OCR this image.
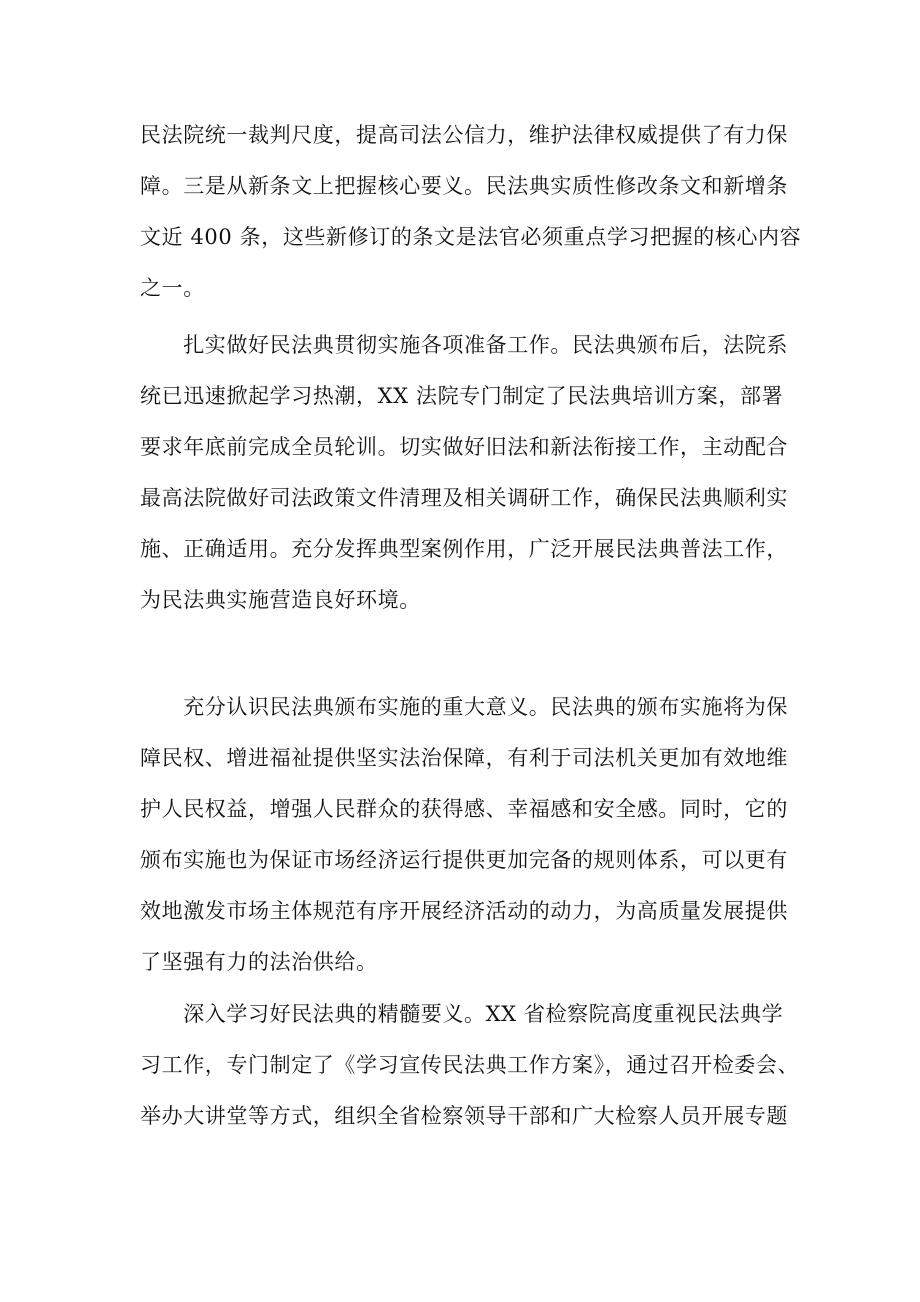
民法院统一裁判尺度，提高司法公信力，维护法律权威提供了有力保
障。三是从新条文上把握核心要义。民法典实质性修改条文和新增条
文近 400 条，这些新修订的条文是法官必须重点学习把握的核心内容
之一。
　　扎实做好民法典贯彻实施各项准备工作。民法典颁布后，法院系
统已迅速掀起学习热潮，XX 法院专门制定了民法典培训方案，部署
要求年底前完成全员轮训。切实做好旧法和新法衔接工作，主动配合
最高法院做好司法政策文件清理及相关调研工作，确保民法典顺利实
施、正确适用。充分发挥典型案例作用，广泛开展民法典普法工作，
为民法典实施营造良好环境。
　　充分认识民法典颁布实施的重大意义。民法典的颁布实施将为保
障民权、增进福祉提供坚实法治保障，有利于司法机关更加有效地维
护人民权益，增强人民群众的获得感、幸福感和安全感。同时，它的
颁布实施也为保证市场经济运行提供更加完备的规则体系，可以更有
效地激发市场主体规范有序开展经济活动的动力，为高质量发展提供
了坚强有力的法治供给。
　　深入学习好民法典的精髓要义。XX 省检察院高度重视民法典学
习工作，专门制定了《学习宣传民法典工作方案》，通过召开检委会、
举办大讲堂等方式，组织全省检察领导干部和广大检察人员开展专题
